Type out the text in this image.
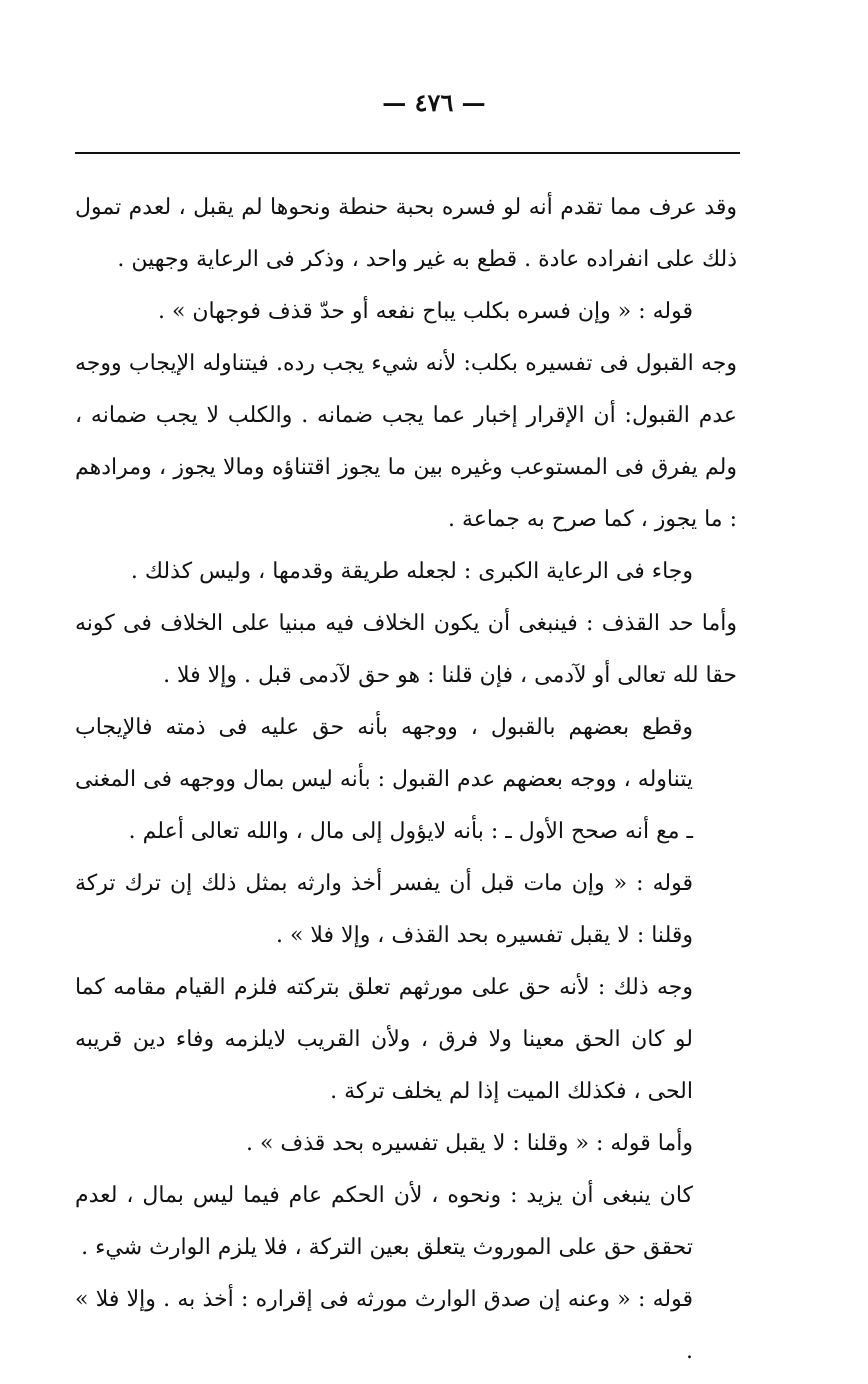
— ٤٧٦ —

وقد عرف مما تقدم أنه لو فسره بحبة حنطة ونحوها لم يقبل ، لعدم تمول ذلك على انفراده عادة . قطع به غير واحد ، وذكر فى الرعاية وجهين .

قوله : « وإن فسره بكلب يباح نفعه أو حدّ قذف فوجهان » .

وجه القبول فى تفسيره بكلب: لأنه شيء يجب رده. فيتناوله الإيجاب ووجه عدم القبول: أن الإقرار إخبار عما يجب ضمانه . والكلب لا يجب ضمانه ، ولم يفرق فى المستوعب وغيره بين ما يجوز اقتناؤه ومالا يجوز ، ومرادهم : ما يجوز ، كما صرح به جماعة .

وجاء فى الرعاية الكبرى : لجعله طريقة وقدمها ، وليس كذلك .

وأما حد القذف : فينبغى أن يكون الخلاف فيه مبنيا على الخلاف فى كونه حقا لله تعالى أو لآدمى ، فإن قلنا : هو حق لآدمى قبل . وإلا فلا .

وقطع بعضهم بالقبول ، ووجهه بأنه حق عليه فى ذمته فالإيجاب يتناوله ، ووجه بعضهم عدم القبول : بأنه ليس بمال ووجهه فى المغنى ـ مع أنه صحح الأول ـ : بأنه لايؤول إلى مال ، والله تعالى أعلم .

قوله : « وإن مات قبل أن يفسر أخذ وارثه بمثل ذلك إن ترك تركة وقلنا : لا يقبل تفسيره بحد القذف ، وإلا فلا » .

وجه ذلك : لأنه حق على مورثهم تعلق بتركته فلزم القيام مقامه كما لو كان الحق معينا ولا فرق ، ولأن القريب لايلزمه وفاء دين قريبه الحى ، فكذلك الميت إذا لم يخلف تركة .

وأما قوله : « وقلنا : لا يقبل تفسيره بحد قذف » .

كان ينبغى أن يزيد : ونحوه ، لأن الحكم عام فيما ليس بمال ، لعدم تحقق حق على الموروث يتعلق بعين التركة ، فلا يلزم الوارث شيء .

قوله : « وعنه إن صدق الوارث مورثه فى إقراره : أخذ به . وإلا فلا » .
